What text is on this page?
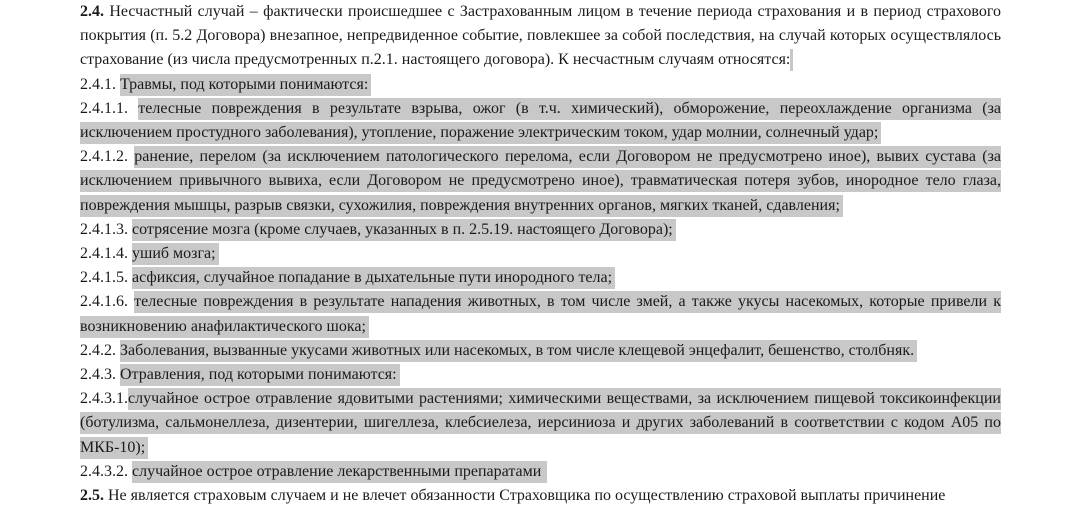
2.4. Несчастный случай – фактически происшедшее с Застрахованным лицом в течение периода страхования и в период страхового покрытия (п. 5.2 Договора) внезапное, непредвиденное событие, повлекшее за собой последствия, на случай которых осуществлялось страхование (из числа предусмотренных п.2.1. настоящего договора). К несчастным случаям относятся:

2.4.1. Травмы, под которыми понимаются:

2.4.1.1. телесные повреждения в результате взрыва, ожог (в т.ч. химический), обморожение, переохлаждение организма (за исключением простудного заболевания), утопление, поражение электрическим током, удар молнии, солнечный удар;

2.4.1.2. ранение, перелом (за исключением патологического перелома, если Договором не предусмотрено иное), вывих сустава (за исключением привычного вывиха, если Договором не предусмотрено иное), травматическая потеря зубов, инородное тело глаза, повреждения мышцы, разрыв связки, сухожилия, повреждения внутренних органов, мягких тканей, сдавления;

2.4.1.3. сотрясение мозга (кроме случаев, указанных в п. 2.5.19. настоящего Договора);

2.4.1.4. ушиб мозга;

2.4.1.5. асфиксия, случайное попадание в дыхательные пути инородного тела;

2.4.1.6. телесные повреждения в результате нападения животных, в том числе змей, а также укусы насекомых, которые привели к возникновению анафилактического шока;

2.4.2. Заболевания, вызванные укусами животных или насекомых, в том числе клещевой энцефалит, бешенство, столбняк.

2.4.3. Отравления, под которыми понимаются:

2.4.3.1.случайное острое отравление ядовитыми растениями; химическими веществами, за исключением пищевой токсикоинфекции (ботулизма, сальмонеллеза, дизентерии, шигеллеза, клебсиелеза, иерсиниоза и других заболеваний в соответствии с кодом А05 по МКБ-10);

2.4.3.2. случайное острое отравление лекарственными препаратами

2.5. Не является страховым случаем и не влечет обязанности Страховщика по осуществлению страховой выплаты причинение
